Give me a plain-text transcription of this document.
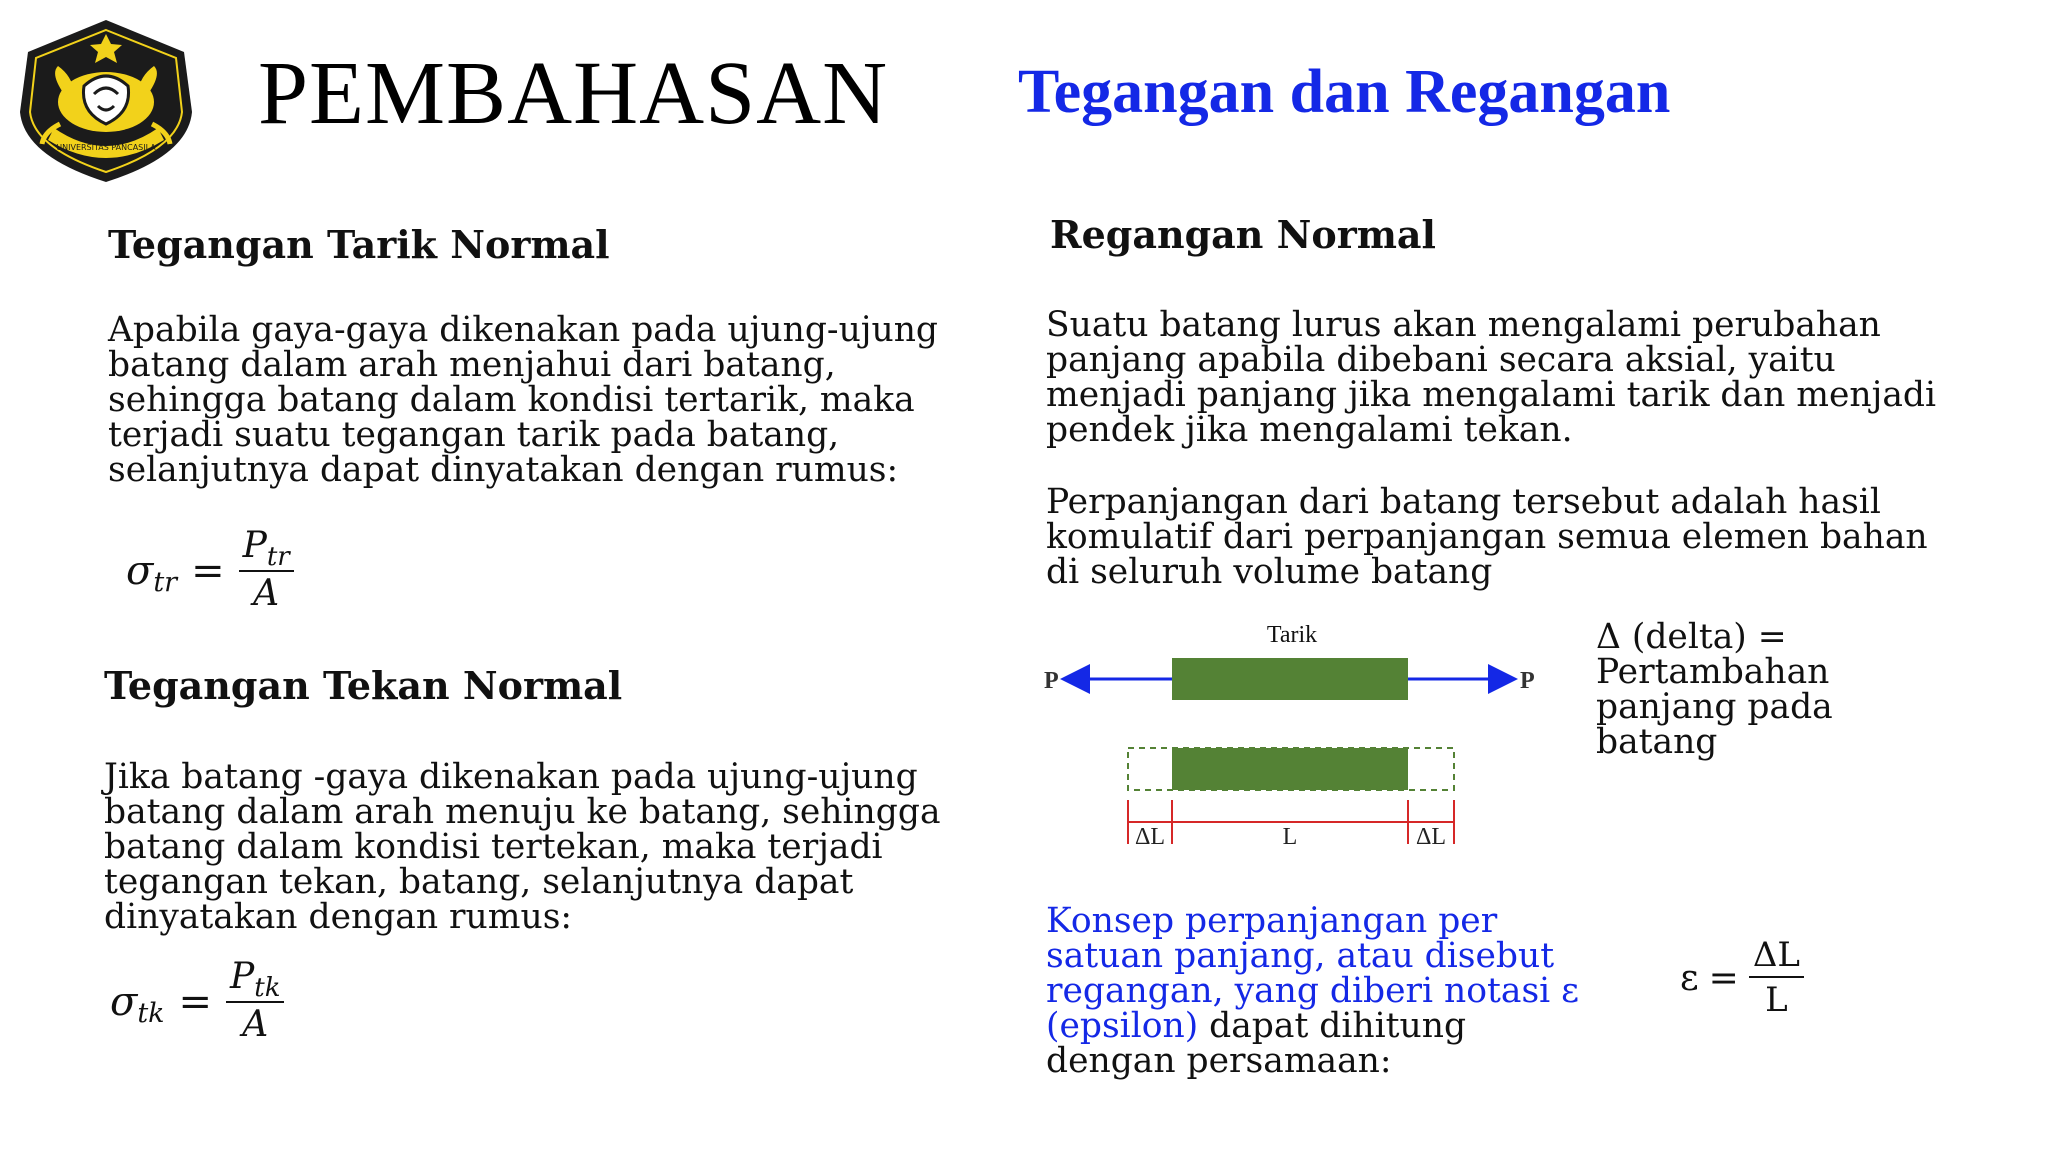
UNIVERSITAS PANCASILA
PEMBAHASAN Tegangan dan Regangan
Tegangan Tarik Normal

Apabila gaya-gaya dikenakan pada ujung-ujung batang dalam arah menjahui dari batang, sehingga batang dalam kondisi tertarik, maka terjadi suatu tegangan tarik pada batang, selanjutnya dapat dinyatakan dengan rumus:

σ tr = $\frac{P_{tr}}{A}$
Tegangan Tekan Normal

Jika batang -gaya dikenakan pada ujung-ujung batang dalam arah menuju ke batang, sehingga batang dalam kondisi tertekan, maka terjadi tegangan tekan, batang, selanjutnya dapat dinyatakan dengan rumus:

σ tk = $\frac{P_{tk}}{A}$
Regangan Normal

Suatu batang lurus akan mengalami perubahan panjang apabila dibebani secara aksial, yaitu menjadi panjang jika mengalami tarik dan menjadi pendek jika mengalami tekan.

Perpanjangan dari batang tersebut adalah hasil komulatif dari perpanjangan semua elemen bahan di seluruh volume batang

Tarik
P	P
ΔL	L	ΔL

Δ (delta) = Pertambahan panjang pada batang

Konsep perpanjangan per satuan panjang, atau disebut regangan, yang diberi notasi ε (epsilon) dapat dihitung dengan persamaan:

$\varepsilon = \frac{\Delta L}{L}$
